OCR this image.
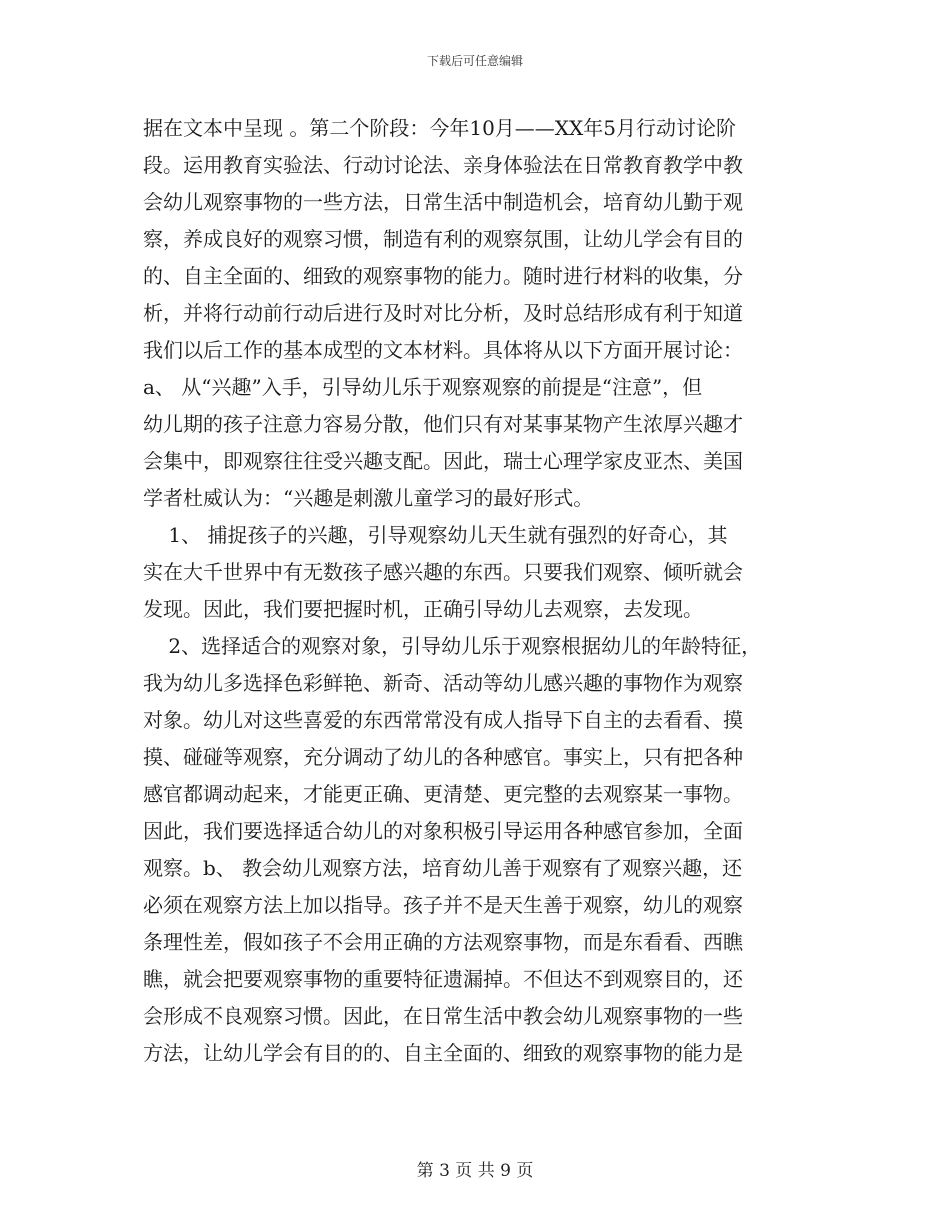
下载后可任意编辑
据在文本中呈现 。第二个阶段：今年10月——XX年5月行动讨论阶
段。运用教育实验法、行动讨论法、亲身体验法在日常教育教学中教
会幼儿观察事物的一些方法，日常生活中制造机会，培育幼儿勤于观
察，养成良好的观察习惯，制造有利的观察氛围，让幼儿学会有目的
的、自主全面的、细致的观察事物的能力。随时进行材料的收集，分
析，并将行动前行动后进行及时对比分析，及时总结形成有利于知道
我们以后工作的基本成型的文本材料。具体将从以下方面开展讨论：
a、 从“兴趣”入手，引导幼儿乐于观察观察的前提是“注意”，但
幼儿期的孩子注意力容易分散，他们只有对某事某物产生浓厚兴趣才
会集中，即观察往往受兴趣支配。因此，瑞士心理学家皮亚杰、美国
学者杜威认为：“兴趣是刺激儿童学习的最好形式。
1、 捕捉孩子的兴趣，引导观察幼儿天生就有强烈的好奇心，其
实在大千世界中有无数孩子感兴趣的东西。只要我们观察、倾听就会
发现。因此，我们要把握时机，正确引导幼儿去观察，去发现。
2、选择适合的观察对象，引导幼儿乐于观察根据幼儿的年龄特征，
我为幼儿多选择色彩鲜艳、新奇、活动等幼儿感兴趣的事物作为观察
对象。幼儿对这些喜爱的东西常常没有成人指导下自主的去看看、摸
摸、碰碰等观察，充分调动了幼儿的各种感官。事实上，只有把各种
感官都调动起来，才能更正确、更清楚、更完整的去观察某一事物。
因此，我们要选择适合幼儿的对象积极引导运用各种感官参加，全面
观察。b、 教会幼儿观察方法，培育幼儿善于观察有了观察兴趣，还
必须在观察方法上加以指导。孩子并不是天生善于观察，幼儿的观察
条理性差，假如孩子不会用正确的方法观察事物，而是东看看、西瞧
瞧，就会把要观察事物的重要特征遗漏掉。不但达不到观察目的，还
会形成不良观察习惯。因此，在日常生活中教会幼儿观察事物的一些
方法，让幼儿学会有目的的、自主全面的、细致的观察事物的能力是
第 3 页 共 9 页
